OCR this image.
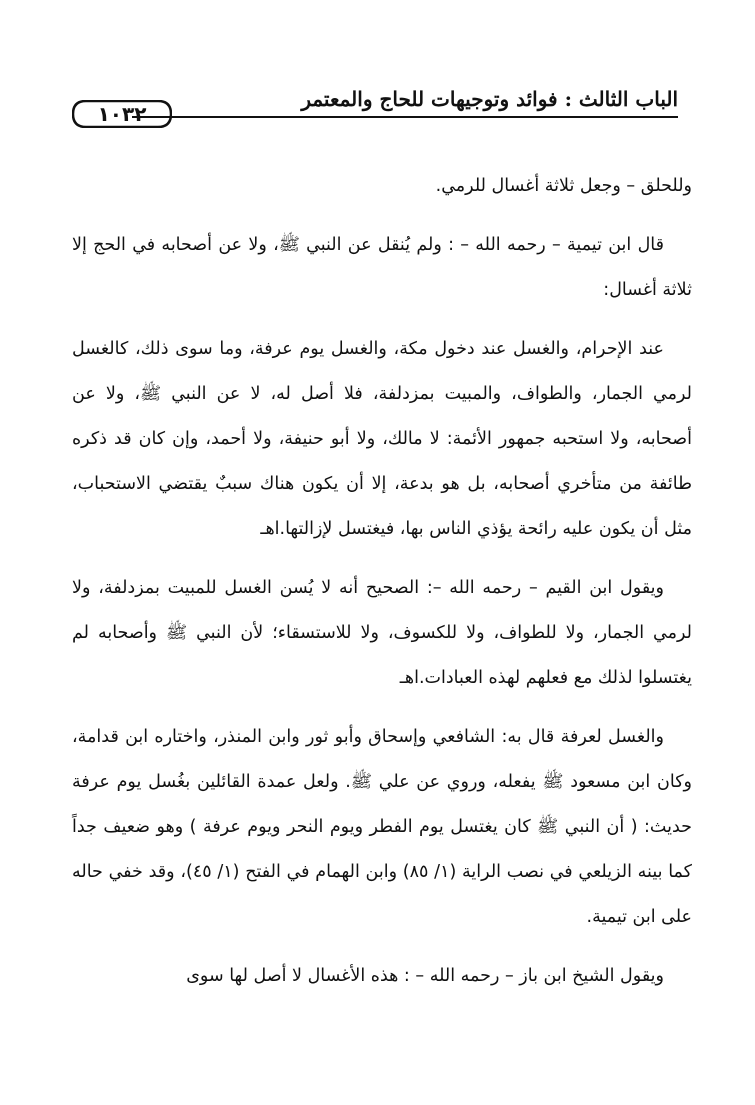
الباب الثالث : فوائد وتوجيهات للحاج والمعتمر
١٠٣٢

وللحلق – وجعل ثلاثة أغسال للرمي.

قال ابن تيمية – رحمه الله – : ولم يُنقل عن النبي ﷺ، ولا عن أصحابه في الحج إلا ثلاثة أغسال:

عند الإحرام، والغسل عند دخول مكة، والغسل يوم عرفة، وما سوى ذلك، كالغسل لرمي الجمار، والطواف، والمبيت بمزدلفة، فلا أصل له، لا عن النبي ﷺ، ولا عن أصحابه، ولا استحبه جمهور الأئمة: لا مالك، ولا أبو حنيفة، ولا أحمد، وإن كان قد ذكره طائفة من متأخري أصحابه، بل هو بدعة، إلا أن يكون هناك سببٌ يقتضي الاستحباب، مثل أن يكون عليه رائحة يؤذي الناس بها، فيغتسل لإزالتها.اهـ

ويقول ابن القيم – رحمه الله –: الصحيح أنه لا يُسن الغسل للمبيت بمزدلفة، ولا لرمي الجمار، ولا للطواف، ولا للكسوف، ولا للاستسقاء؛ لأن النبي ﷺ وأصحابه لم يغتسلوا لذلك مع فعلهم لهذه العبادات.اهـ

والغسل لعرفة قال به: الشافعي وإسحاق وأبو ثور وابن المنذر، واختاره ابن قدامة، وكان ابن مسعود ﷺ يفعله، وروي عن علي ﷺ. ولعل عمدة القائلين بغُسل يوم عرفة حديث: ( أن النبي ﷺ كان يغتسل يوم الفطر ويوم النحر ويوم عرفة ) وهو ضعيف جداً كما بينه الزيلعي في نصب الراية (١/ ٨٥) وابن الهمام في الفتح (١/ ٤٥)، وقد خفي حاله على ابن تيمية.

ويقول الشيخ ابن باز – رحمه الله – : هذه الأغسال لا أصل لها سوى
